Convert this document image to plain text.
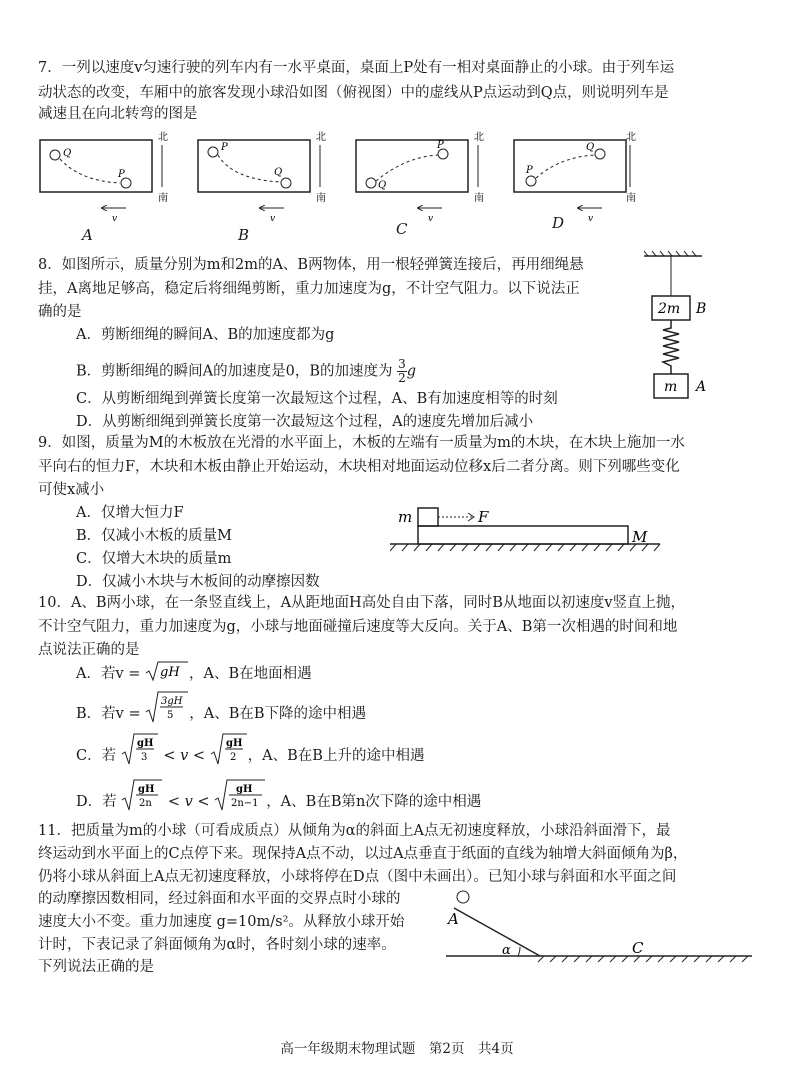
7．一列以速度v匀速行驶的列车内有一水平桌面，桌面上P处有一相对桌面静止的小球。由于列车运
动状态的改变，车厢中的旅客发现小球沿如图（俯视图）中的虚线从P点运动到Q点，则说明列车是
减速且在向北转弯的图是
Q
P
v
北
南
P
Q
v
北
南
Q
P
v
北
南
P
Q
v
北
南
A	B	C	D
8．如图所示，质量分别为m和2m的A、B两物体，用一根轻弹簧连接后，再用细绳悬
挂，A离地足够高，稳定后将细绳剪断，重力加速度为g，不计空气阻力。以下说法正
确的是
A．剪断细绳的瞬间A、B的加速度都为g
B．剪断细绳的瞬间A的加速度是0，B的加速度为 $\frac{3}{2}$ g
C．从剪断细绳到弹簧长度第一次最短这个过程，A、B有加速度相等的时刻
D．从剪断细绳到弹簧长度第一次最短这个过程，A的速度先增加后减小
2m B
m A
9．如图，质量为M的木板放在光滑的水平面上，木板的左端有一质量为m的木块，在木块上施加一水
平向右的恒力F，木块和木板由静止开始运动，木块相对地面运动位移x后二者分离。则下列哪些变化
可使x减小
A．仅增大恒力F
B．仅减小木板的质量M
C．仅增大木块的质量m
D．仅减小木块与木板间的动摩擦因数
m	F
M
10．A、B两小球，在一条竖直线上，A从距地面H高处自由下落，同时B从地面以初速度v竖直上抛，
不计空气阻力，重力加速度为g，小球与地面碰撞后速度等大反向。关于A、B第一次相遇的时间和地
点说法正确的是
A．若v = gH ，A、B在地面相遇
B．若v =
3gH
5 ，A、B在B下降的途中相遇
C．若
gH
3 < v <
gH
2 ，A、B在B上升的途中相遇
D．若
gH
2n < v <
gH
2n−1 ，A、B在B第n次下降的途中相遇
11．把质量为m的小球（可看成质点）从倾角为α的斜面上A点无初速度释放，小球沿斜面滑下，最
终运动到水平面上的C点停下来。现保持A点不动，以过A点垂直于纸面的直线为轴增大斜面倾角为β，
仍将小球从斜面上A点无初速度释放，小球将停在D点（图中未画出）。已知小球与斜面和水平面之间
的动摩擦因数相同，经过斜面和水平面的交界点时小球的
速度大小不变。重力加速度 g=10m/s²。从释放小球开始
计时，下表记录了斜面倾角为α时，各时刻小球的速率。
下列说法正确的是
A
α	C
高一年级期末物理试题　第2页　共4页
